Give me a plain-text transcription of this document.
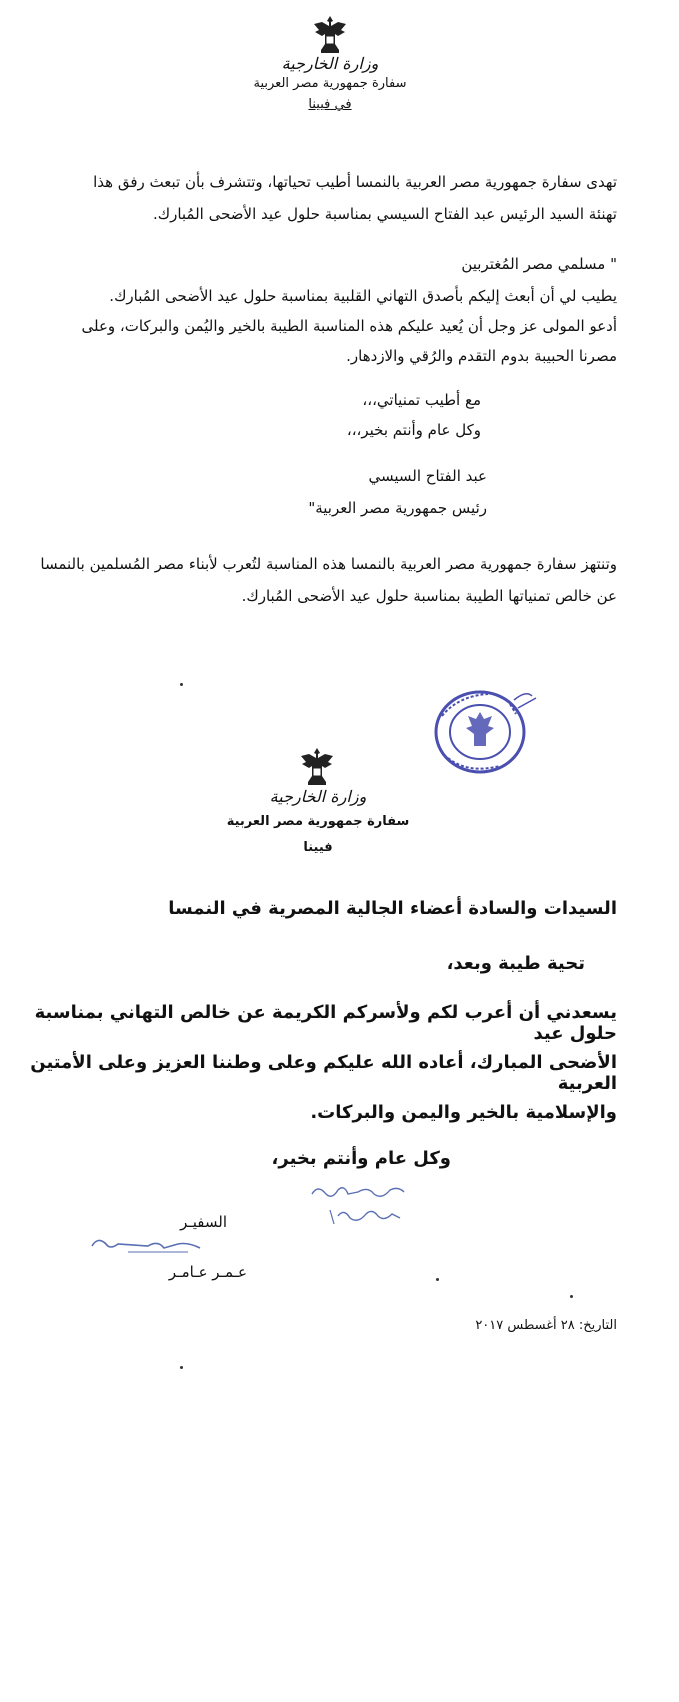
وزارة الخارجية
سفارة جمهورية مصر العربية
في فيينا
تهدى سفارة جمهورية مصر العربية بالنمسا أطيب تحياتها، وتتشرف بأن تبعث رفق هذا
تهنئة السيد الرئيس عبد الفتاح السيسي بمناسبة حلول عيد الأضحى المُبارك.
" مسلمي مصر المُغتربين
يطيب لي أن أبعث إليكم بأصدق التهاني القلبية بمناسبة حلول عيد الأضحى المُبارك.
أدعو المولى عز وجل أن يُعيد عليكم هذه المناسبة الطيبة بالخير واليُمن والبركات، وعلى
مصرنا الحبيبة بدوم التقدم والرُقي والازدهار.
مع أطيب تمنياتي،،،
وكل عام وأنتم بخير،،،
عبد الفتاح السيسي
رئيس جمهورية مصر العربية"
وتنتهز سفارة جمهورية مصر العربية بالنمسا هذه المناسبة لتُعرب لأبناء مصر المُسلمين بالنمسا
عن خالص تمنياتها الطيبة بمناسبة حلول عيد الأضحى المُبارك.
وزارة الخارجية
سفارة جمهورية مصر العربية
فيينا
السيدات والسادة أعضاء الجالية المصرية في النمسا
تحية طيبة وبعد،
يسعدني أن أعرب لكم ولأسركم الكريمة عن خالص التهاني بمناسبة حلول عيد
الأضحى المبارك، أعاده الله عليكم وعلى وطننا العزيز وعلى الأمتين العربية
والإسلامية بالخير واليمن والبركات.
وكل عام وأنتم بخير،
السفيـر
عـمـر عـامـر
التاريخ: ٢٨ أغسطس ٢٠١٧
